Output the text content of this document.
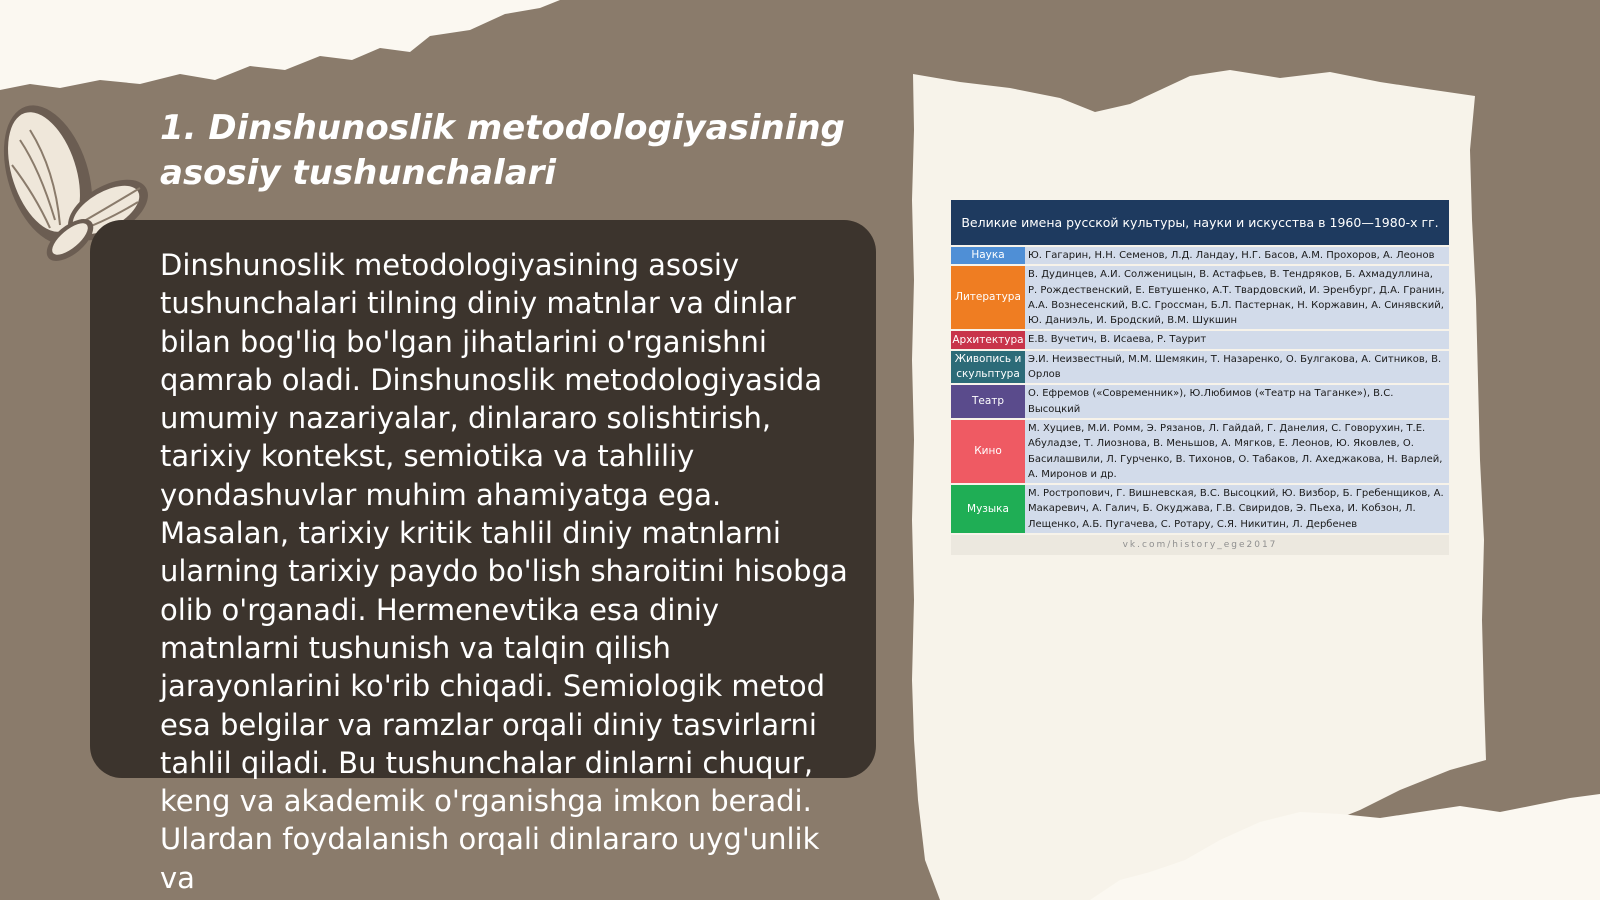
1. Dinshunoslik metodologiyasining asosiy tushunchalari

Dinshunoslik metodologiyasining asosiy tushunchalari tilning diniy matnlar va dinlar bilan bog'liq bo'lgan jihatlarini o'rganishni qamrab oladi. Dinshunoslik metodologiyasida umumiy nazariyalar, dinlararo solishtirish, tarixiy kontekst, semiotika va tahliliy yondashuvlar muhim ahamiyatga ega. Masalan, tarixiy kritik tahlil diniy matnlarni ularning tarixiy paydo bo'lish sharoitini hisobga olib o'rganadi. Hermenevtika esa diniy matnlarni tushunish va talqin qilish jarayonlarini ko'rib chiqadi. Semiologik metod esa belgilar va ramzlar orqali diniy tasvirlarni tahlil qiladi. Bu tushunchalar dinlarni chuqur, keng va akademik o'rganishga imkon beradi. Ulardan foydalanish orqali dinlararo uyg'unlik va

Великие имена русской культуры, науки и искусства в 1960—1980-х гг.
Наука	Ю. Гагарин, Н.Н. Семенов, Л.Д. Ландау, Н.Г. Басов, А.М. Прохоров, А. Леонов
Литература
В. Дудинцев, А.И. Солженицын, В. Астафьев, В. Тендряков, Б. Ахмадуллина, Р. Рождественский, Е. Евтушенко, А.Т. Твардовский, И. Эренбург, Д.А. Гранин, А.А. Вознесенский, В.С. Гроссман, Б.Л. Пастернак, Н. Коржавин, А. Синявский, Ю. Даниэль, И. Бродский, В.М. Шукшин
Архитектура Е.В. Вучетич, В. Исаева, Р. Таурит
Живопись и скульптура
Э.И. Неизвестный, М.М. Шемякин, Т. Назаренко, О. Булгакова, А. Ситников, В. Орлов
Театр
О. Ефремов («Современник»), Ю.Любимов («Театр на Таганке»), В.С. Высоцкий
Кино
М. Хуциев, М.И. Ромм, Э. Рязанов, Л. Гайдай, Г. Данелия, С. Говорухин, Т.Е. Абуладзе, Т. Лиознова, В. Меньшов, А. Мягков, Е. Леонов, Ю. Яковлев, О. Басилашвили, Л. Гурченко, В. Тихонов, О. Табаков, Л. Ахеджакова, Н. Варлей, А. Миронов и др.
Музыка
М. Ростропович, Г. Вишневская, В.С. Высоцкий, Ю. Визбор, Б. Гребенщиков, А. Макаревич, А. Галич, Б. Окуджава, Г.В. Свиридов, Э. Пьеха, И. Кобзон, Л. Лещенко, А.Б. Пугачева, С. Ротару, С.Я. Никитин, Л. Дербенев
vk.com/history_ege2017
